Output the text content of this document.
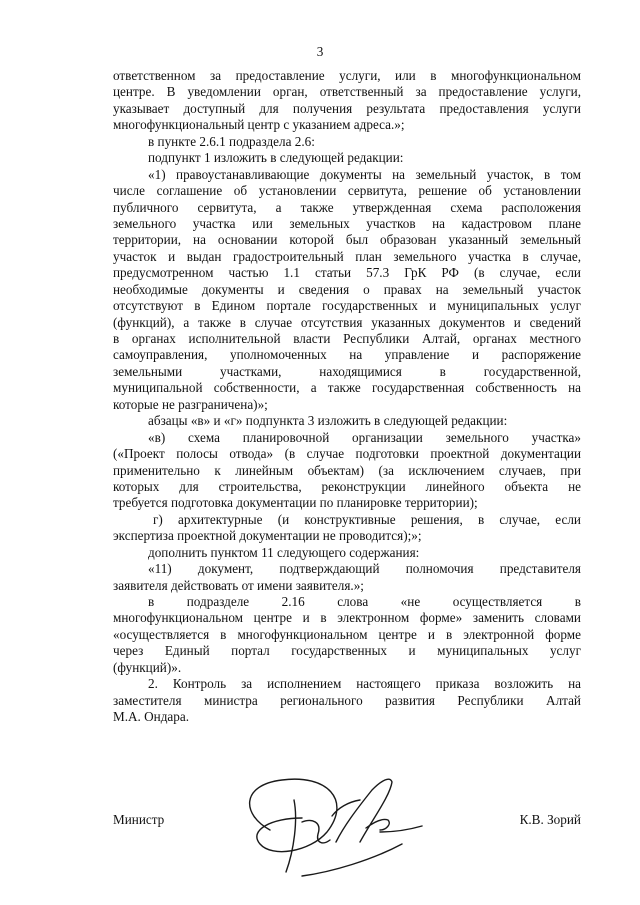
3
ответственном за предоставление услуги, или в многофункциональном
центре. В уведомлении орган, ответственный за предоставление услуги,
указывает доступный для получения результата предоставления услуги
многофункциональный центр с указанием адреса.»;
в пункте 2.6.1 подраздела 2.6:
подпункт 1 изложить в следующей редакции:
«1) правоустанавливающие документы на земельный участок, в том
числе соглашение об установлении сервитута, решение об установлении
публичного сервитута, а также утвержденная схема расположения
земельного участка или земельных участков на кадастровом плане
территории, на основании которой был образован указанный земельный
участок и выдан градостроительный план земельного участка в случае,
предусмотренном частью 1.1 статьи 57.3 ГрК РФ (в случае, если
необходимые документы и сведения о правах на земельный участок
отсутствуют в Едином портале государственных и муниципальных услуг
(функций), а также в случае отсутствия указанных документов и сведений
в органах исполнительной власти Республики Алтай, органах местного
самоуправления, уполномоченных на управление и распоряжение
земельными участками, находящимися в государственной,
муниципальной собственности, а также государственная собственность на
которые не разграничена)»;
абзацы «в» и «г» подпункта 3 изложить в следующей редакции:
«в) схема планировочной организации земельного участка»
(«Проект полосы отвода» (в случае подготовки проектной документации
применительно к линейным объектам) (за исключением случаев, при
которых для строительства, реконструкции линейного объекта не
требуется подготовка документации по планировке территории);
г) архитектурные (и конструктивные решения, в случае, если
экспертиза проектной документации не проводится);»;
дополнить пунктом 11 следующего содержания:
«11) документ, подтверждающий полномочия представителя
заявителя действовать от имени заявителя.»;
в подразделе 2.16 слова «не осуществляется в
многофункциональном центре и в электронном форме» заменить словами
«осуществляется в многофункциональном центре и в электронной форме
через Единый портал государственных и муниципальных услуг
(функций)».
2. Контроль за исполнением настоящего приказа возложить на
заместителя министра регионального развития Республики Алтай
М.А. Ондара.
Министр	К.В. Зорий
